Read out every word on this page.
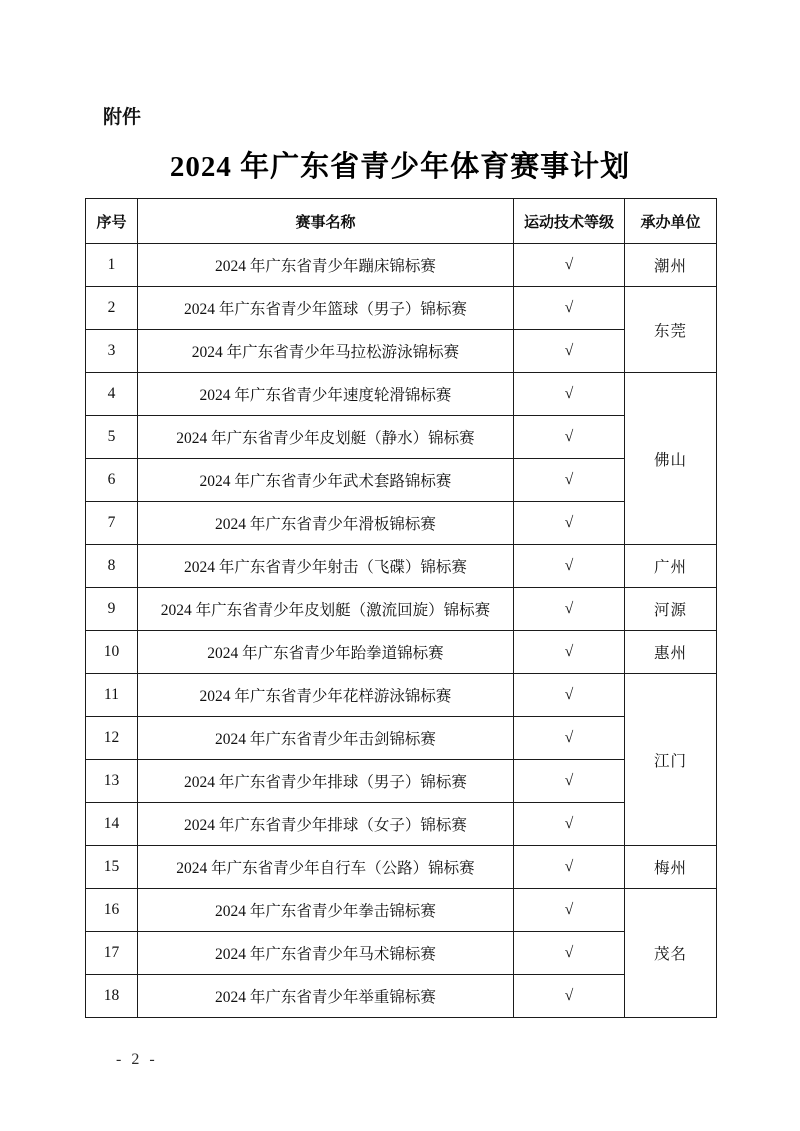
附件
2024 年广东省青少年体育赛事计划
序号	赛事名称	运动技术等级	承办单位
1	2024 年广东省青少年蹦床锦标赛	√	潮州
2	2024 年广东省青少年篮球（男子）锦标赛	√	东莞
3	2024 年广东省青少年马拉松游泳锦标赛	√	
4	2024 年广东省青少年速度轮滑锦标赛	√	佛山
5	2024 年广东省青少年皮划艇（静水）锦标赛	√	
6	2024 年广东省青少年武术套路锦标赛	√	
7	2024 年广东省青少年滑板锦标赛	√	
8	2024 年广东省青少年射击（飞碟）锦标赛	√	广州
9	2024 年广东省青少年皮划艇（激流回旋）锦标赛	√	河源
10	2024 年广东省青少年跆拳道锦标赛	√	惠州
11	2024 年广东省青少年花样游泳锦标赛	√	江门
12	2024 年广东省青少年击剑锦标赛	√	
13	2024 年广东省青少年排球（男子）锦标赛	√	
14	2024 年广东省青少年排球（女子）锦标赛	√	
15	2024 年广东省青少年自行车（公路）锦标赛	√	梅州
16	2024 年广东省青少年拳击锦标赛	√	茂名
17	2024 年广东省青少年马术锦标赛	√	
18	2024 年广东省青少年举重锦标赛	√	
- 2 -
